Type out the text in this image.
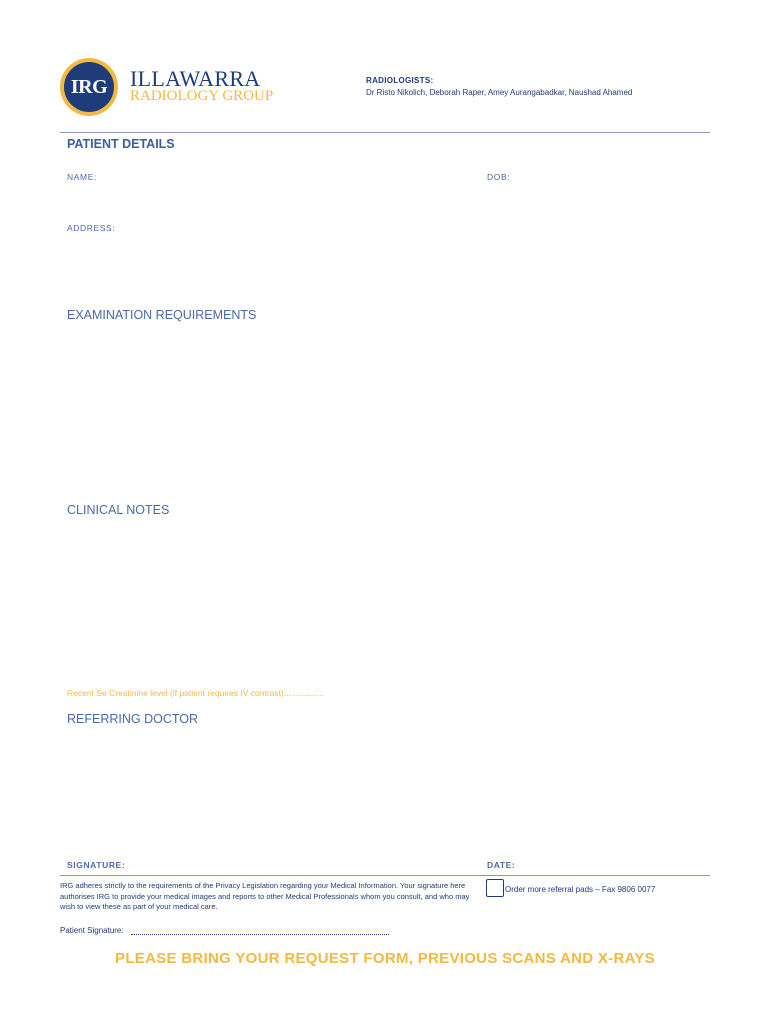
IRG	ILLAWARRA
RADIOLOGY GROUP
RADIOLOGISTS:
Dr Risto Nikolich, Deborah Raper, Amey Aurangabadkar, Naushad Ahamed
PATIENT DETAILS
NAME:	DOB:
ADDRESS:
EXAMINATION REQUIREMENTS
CLINICAL NOTES
Recent Se Creatinine level (if patient requires IV contrast).................
REFERRING DOCTOR
SIGNATURE:	DATE:
IRG adheres strictly to the requirements of the Privacy Legislation regarding your Medical Information. Your signature here authorises IRG to provide your medical images and reports to other Medical Professionals whom you consult, and who may wish to view these as part of your medical care.
Order more referral pads – Fax 9806 0077
Patient Signature:
PLEASE BRING YOUR REQUEST FORM, PREVIOUS SCANS AND X-RAYS
